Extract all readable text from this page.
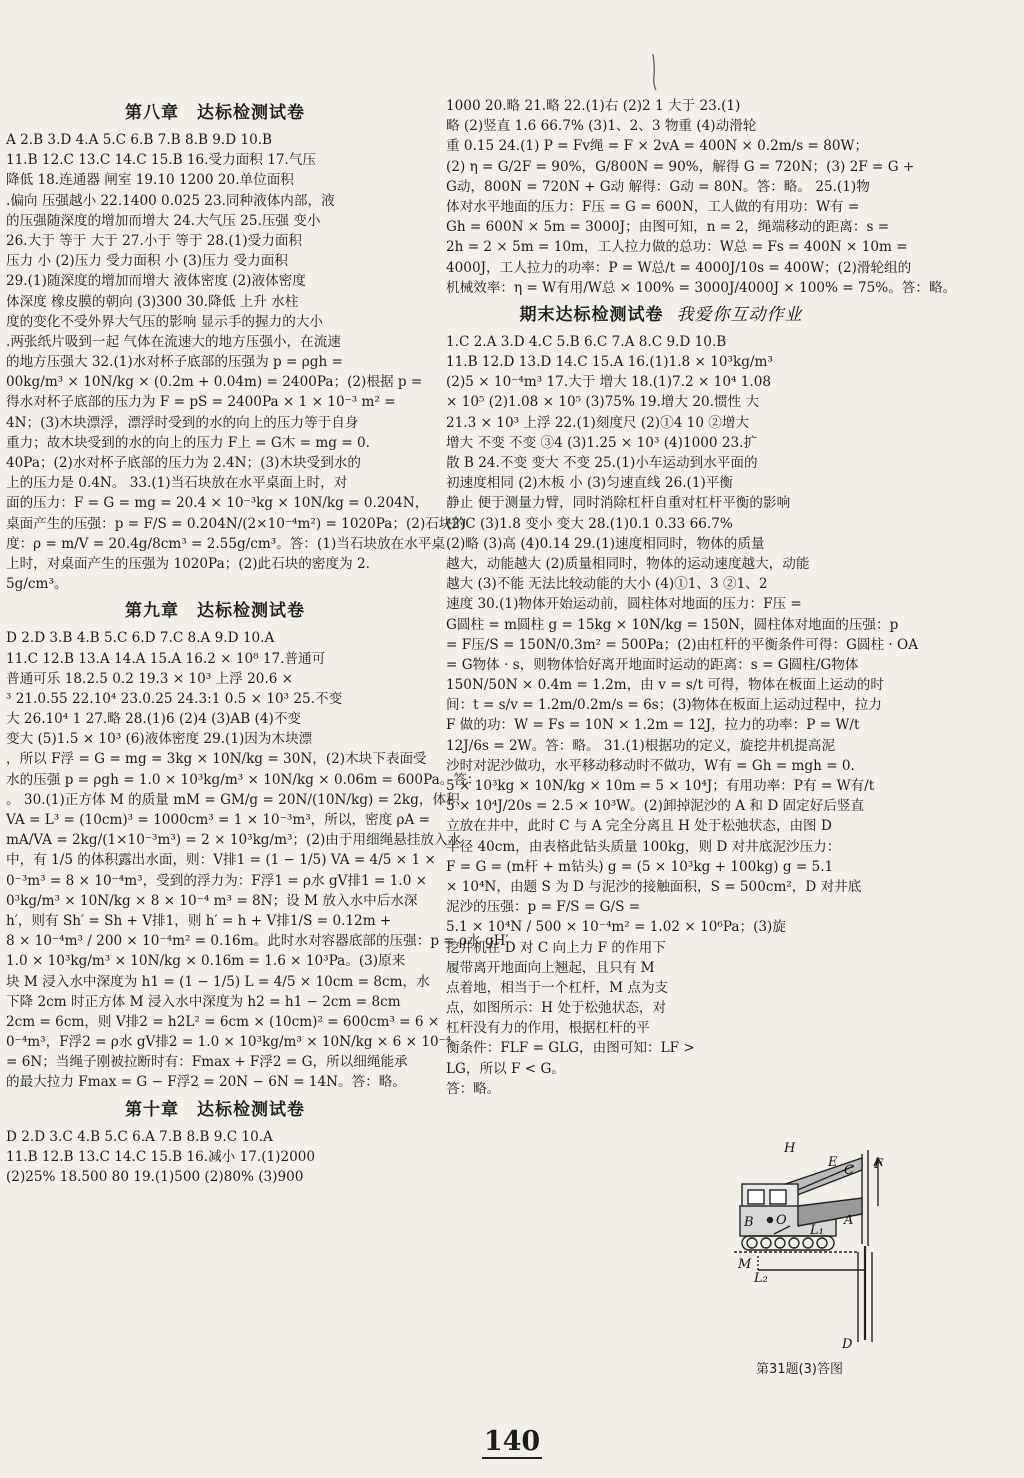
第八章　达标检测试卷
A 2.B 3.D 4.A 5.C 6.B 7.B 8.B 9.D 10.B
11.B 12.C 13.C 14.C 15.B 16.受力面积 17.气压
降低 18.连通器 闸室 19.10 1200 20.单位面积
.偏向 压强越小 22.1400 0.025 23.同种液体内部，液
的压强随深度的增加而增大 24.大气压 25.压强 变小
26.大于 等于 大于 27.小于 等于 28.(1)受力面积
压力 小 (2)压力 受力面积 小 (3)压力 受力面积
29.(1)随深度的增加而增大 液体密度 (2)液体密度
体深度 橡皮膜的朝向 (3)300 30.降低 上升 水柱
度的变化不受外界大气压的影响 显示手的握力的大小
.两张纸片吸到一起 气体在流速大的地方压强小，在流速
的地方压强大 32.(1)水对杯子底部的压强为 p = ρgh =
00kg/m³ × 10N/kg × (0.2m + 0.04m) = 2400Pa；(2)根据 p =
得水对杯子底部的压力为 F = pS = 2400Pa × 1 × 10⁻³ m² =
4N；(3)木块漂浮，漂浮时受到的水的向上的压力等于自身
重力；故木块受到的水的向上的压力 F上 = G木 = mg = 0.
40Pa；(2)水对杯子底部的压力为 2.4N；(3)木块受到水的
上的压力是 0.4N。 33.(1)当石块放在水平桌面上时，对
面的压力：F = G = mg = 20.4 × 10⁻³kg × 10N/kg = 0.204N，
桌面产生的压强：p = F/S = 0.204N/(2×10⁻⁴m²) = 1020Pa；(2)石块的
度：ρ = m/V = 20.4g/8cm³ = 2.55g/cm³。答：(1)当石块放在水平桌
上时，对桌面产生的压强为 1020Pa；(2)此石块的密度为 2.
5g/cm³。
第九章　达标检测试卷
D 2.D 3.B 4.B 5.C 6.D 7.C 8.A 9.D 10.A
11.C 12.B 13.A 14.A 15.A 16.2 × 10⁸ 17.普通可
普通可乐 18.2.5 0.2 19.3 × 10³ 上浮 20.6 ×
³ 21.0.55 22.10⁴ 23.0.25 24.3:1 0.5 × 10³ 25.不变
大 26.10⁴ 1 27.略 28.(1)6 (2)4 (3)AB (4)不变
变大 (5)1.5 × 10³ (6)液体密度 29.(1)因为木块漂
，所以 F浮 = G = mg = 3kg × 10N/kg = 30N，(2)木块下表面受
水的压强 p = ρgh = 1.0 × 10³kg/m³ × 10N/kg × 0.06m = 600Pa。答：
。 30.(1)正方体 M 的质量 mM = GM/g = 20N/(10N/kg) = 2kg，体积
VA = L³ = (10cm)³ = 1000cm³ = 1 × 10⁻³m³，所以，密度 ρA =
mA/VA = 2kg/(1×10⁻³m³) = 2 × 10³kg/m³；(2)由于用细绳悬挂放入水
中，有 1/5 的体积露出水面，则：V排1 = (1 − 1/5) VA = 4/5 × 1 ×
0⁻³m³ = 8 × 10⁻⁴m³，受到的浮力为：F浮1 = ρ水 gV排1 = 1.0 ×
0³kg/m³ × 10N/kg × 8 × 10⁻⁴ m³ = 8N；设 M 放入水中后水深
h′，则有 Sh′ = Sh + V排1，则 h′ = h + V排1/S = 0.12m +
8 × 10⁻⁴m³ / 200 × 10⁻⁴m² = 0.16m。此时水对容器底部的压强：p = ρ水 gH′
1.0 × 10³kg/m³ × 10N/kg × 0.16m = 1.6 × 10³Pa。(3)原来
块 M 浸入水中深度为 h1 = (1 − 1/5) L = 4/5 × 10cm = 8cm，水
下降 2cm 时正方体 M 浸入水中深度为 h2 = h1 − 2cm = 8cm
2cm = 6cm，则 V排2 = h2L² = 6cm × (10cm)² = 600cm³ = 6 ×
0⁻⁴m³，F浮2 = ρ水 gV排2 = 1.0 × 10³kg/m³ × 10N/kg × 6 × 10⁻⁴
= 6N；当绳子刚被拉断时有：Fmax + F浮2 = G，所以细绳能承
的最大拉力 Fmax = G − F浮2 = 20N − 6N = 14N。答：略。
第十章　达标检测试卷
D 2.D 3.C 4.B 5.C 6.A 7.B 8.B 9.C 10.A
11.B 12.B 13.C 14.C 15.B 16.减小 17.(1)2000
(2)25% 18.500 80 19.(1)500 (2)80% (3)900
1000 20.略 21.略 22.(1)右 (2)2 1 大于 23.(1)
略 (2)竖直 1.6 66.7% (3)1、2、3 物重 (4)动滑轮
重 0.15 24.(1) P = Fv绳 = F × 2vA = 400N × 0.2m/s = 80W；
(2) η = G/2F = 90%，G/800N = 90%，解得 G = 720N；(3) 2F = G +
G动，800N = 720N + G动 解得：G动 = 80N。答：略。 25.(1)物
体对水平地面的压力：F压 = G = 600N，工人做的有用功：W有 =
Gh = 600N × 5m = 3000J；由图可知，n = 2，绳端移动的距离：s =
2h = 2 × 5m = 10m，工人拉力做的总功：W总 = Fs = 400N × 10m =
4000J，工人拉力的功率：P = W总/t = 4000J/10s = 400W；(2)滑轮组的
机械效率：η = W有用/W总 × 100% = 3000J/4000J × 100% = 75%。答：略。
期末达标检测试卷 我爱你互动作业
1.C 2.A 3.D 4.C 5.B 6.C 7.A 8.C 9.D 10.B
11.B 12.D 13.D 14.C 15.A 16.(1)1.8 × 10³kg/m³
(2)5 × 10⁻⁴m³ 17.大于 增大 18.(1)7.2 × 10⁴ 1.08
× 10⁵ (2)1.08 × 10⁵ (3)75% 19.增大 20.惯性 大
21.3 × 10³ 上浮 22.(1)刻度尺 (2)①4 10 ②增大
增大 不变 不变 ③4 (3)1.25 × 10³ (4)1000 23.扩
散 B 24.不变 变大 不变 25.(1)小车运动到水平面的
初速度相同 (2)木板 小 (3)匀速直线 26.(1)平衡
静止 便于测量力臂，同时消除杠杆自重对杠杆平衡的影响
(2)C (3)1.8 变小 变大 28.(1)0.1 0.33 66.7%
(2)略 (3)高 (4)0.14 29.(1)速度相同时，物体的质量
越大，动能越大 (2)质量相同时，物体的运动速度越大，动能
越大 (3)不能 无法比较动能的大小 (4)①1、3 ②1、2
速度 30.(1)物体开始运动前，圆柱体对地面的压力：F压 =
G圆柱 = m圆柱 g = 15kg × 10N/kg = 150N，圆柱体对地面的压强：p
= F压/S = 150N/0.3m² = 500Pa；(2)由杠杆的平衡条件可得：G圆柱 · OA
= G物体 · s，则物体恰好离开地面时运动的距离：s = G圆柱/G物体
150N/50N × 0.4m = 1.2m，由 v = s/t 可得，物体在板面上运动的时
间：t = s/v = 1.2m/0.2m/s = 6s；(3)物体在板面上运动过程中，拉力
F 做的功：W = Fs = 10N × 1.2m = 12J，拉力的功率：P = W/t
12J/6s = 2W。答：略。 31.(1)根据功的定义，旋挖井机提高泥
沙时对泥沙做功，水平移动移动时不做功，W有 = Gh = mgh = 0.
5 × 10³kg × 10N/kg × 10m = 5 × 10⁴J；有用功率：P有 = W有/t
5 × 10⁴J/20s = 2.5 × 10³W。(2)卸掉泥沙的 A 和 D 固定好后竖直
立放在井中，此时 C 与 A 完全分离且 H 处于松弛状态，由图 D
半径 40cm，由表格此钻头质量 100kg，则 D 对井底泥沙压力：
F = G = (m杆 + m钻头) g = (5 × 10³kg + 100kg) g = 5.1
× 10⁴N，由题 S 为 D 与泥沙的接触面积，S = 500cm²，D 对井底
泥沙的压强：p = F/S = G/S =
5.1 × 10⁴N / 500 × 10⁻⁴m² = 1.02 × 10⁶Pa；(3)旋
挖井机在 D 对 C 向上力 F 的作用下
履带离开地面向上翘起，且只有 M
点着地，相当于一个杠杆，M 点为支
点，如图所示：H 处于松弛状态，对
杠杆没有力的作用，根据杠杆的平
衡条件：FLF = GLG，由图可知：LF >
LG，所以 F < G。
答：略。
H
E
C F
A
B O
L₁
M
L₂
D
第31题(3)答图
140
